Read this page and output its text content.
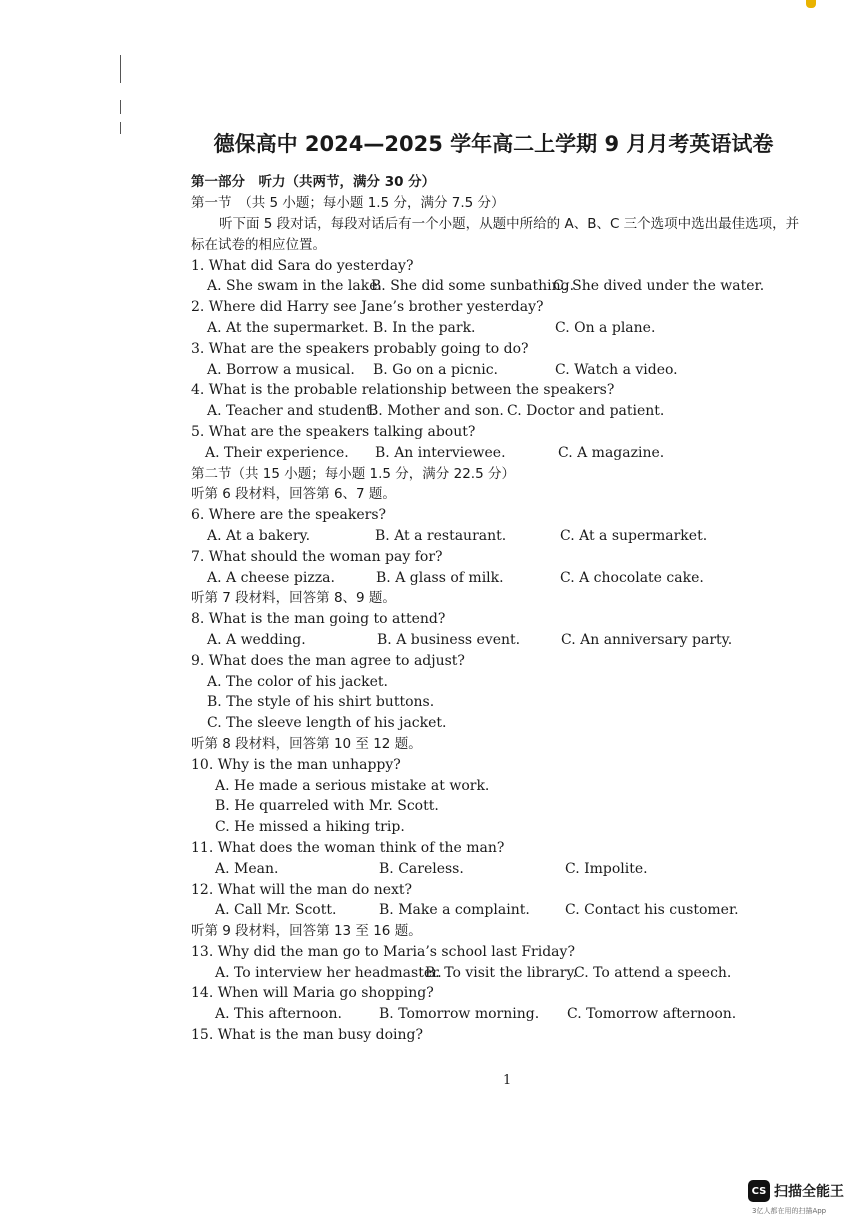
德保高中 2024—2025 学年高二上学期 9 月月考英语试卷
第一部分　听力（共两节，满分 30 分）
第一节　（共 5 小题；每小题 1.5 分，满分 7.5 分）
听下面 5 段对话，每段对话后有一个小题，从题中所给的 A、B、C 三个选项中选出最佳选项，并标在试卷的相应位置。
1. What did Sara do yesterday?
A. She swam in the lake.
B. She did some sunbathing.
C. She dived under the water.
2. Where did Harry see Jane’s brother yesterday?
A. At the supermarket. B. In the park.	C. On a plane.
3. What are the speakers probably going to do?
A. Borrow a musical. B. Go on a picnic.	C. Watch a video.
4. What is the probable relationship between the speakers?
A. Teacher and student.
B. Mother and son. C. Doctor and patient.
5. What are the speakers talking about?
A. Their experience. B. An interviewee.	C. A magazine.
第二节（共 15 小题；每小题 1.5 分，满分 22.5 分）
听第 6 段材料，回答第 6、7 题。
6. Where are the speakers?
A. At a bakery.	B. At a restaurant.	C. At a supermarket.
7. What should the woman pay for?
A. A cheese pizza.	B. A glass of milk.	C. A chocolate cake.
听第 7 段材料，回答第 8、9 题。
8. What is the man going to attend?
A. A wedding.	B. A business event.	C. An anniversary party.
9. What does the man agree to adjust?
A. The color of his jacket.
B. The style of his shirt buttons.
C. The sleeve length of his jacket.
听第 8 段材料，回答第 10 至 12 题。
10. Why is the man unhappy?
A. He made a serious mistake at work.
B. He quarreled with Mr. Scott.
C. He missed a hiking trip.
11. What does the woman think of the man?
A. Mean.	B. Careless.	C. Impolite.
12. What will the man do next?
A. Call Mr. Scott.	B. Make a complaint.	C. Contact his customer.
听第 9 段材料，回答第 13 至 16 题。
13. Why did the man go to Maria’s school last Friday?
A. To interview her headmaster.
B. To visit the library.
C. To attend a speech.
14. When will Maria go shopping?
A. This afternoon.	B. Tomorrow morning. C. Tomorrow afternoon.
15. What is the man busy doing?
1
CS 扫描全能王
3亿人都在用的扫描App
